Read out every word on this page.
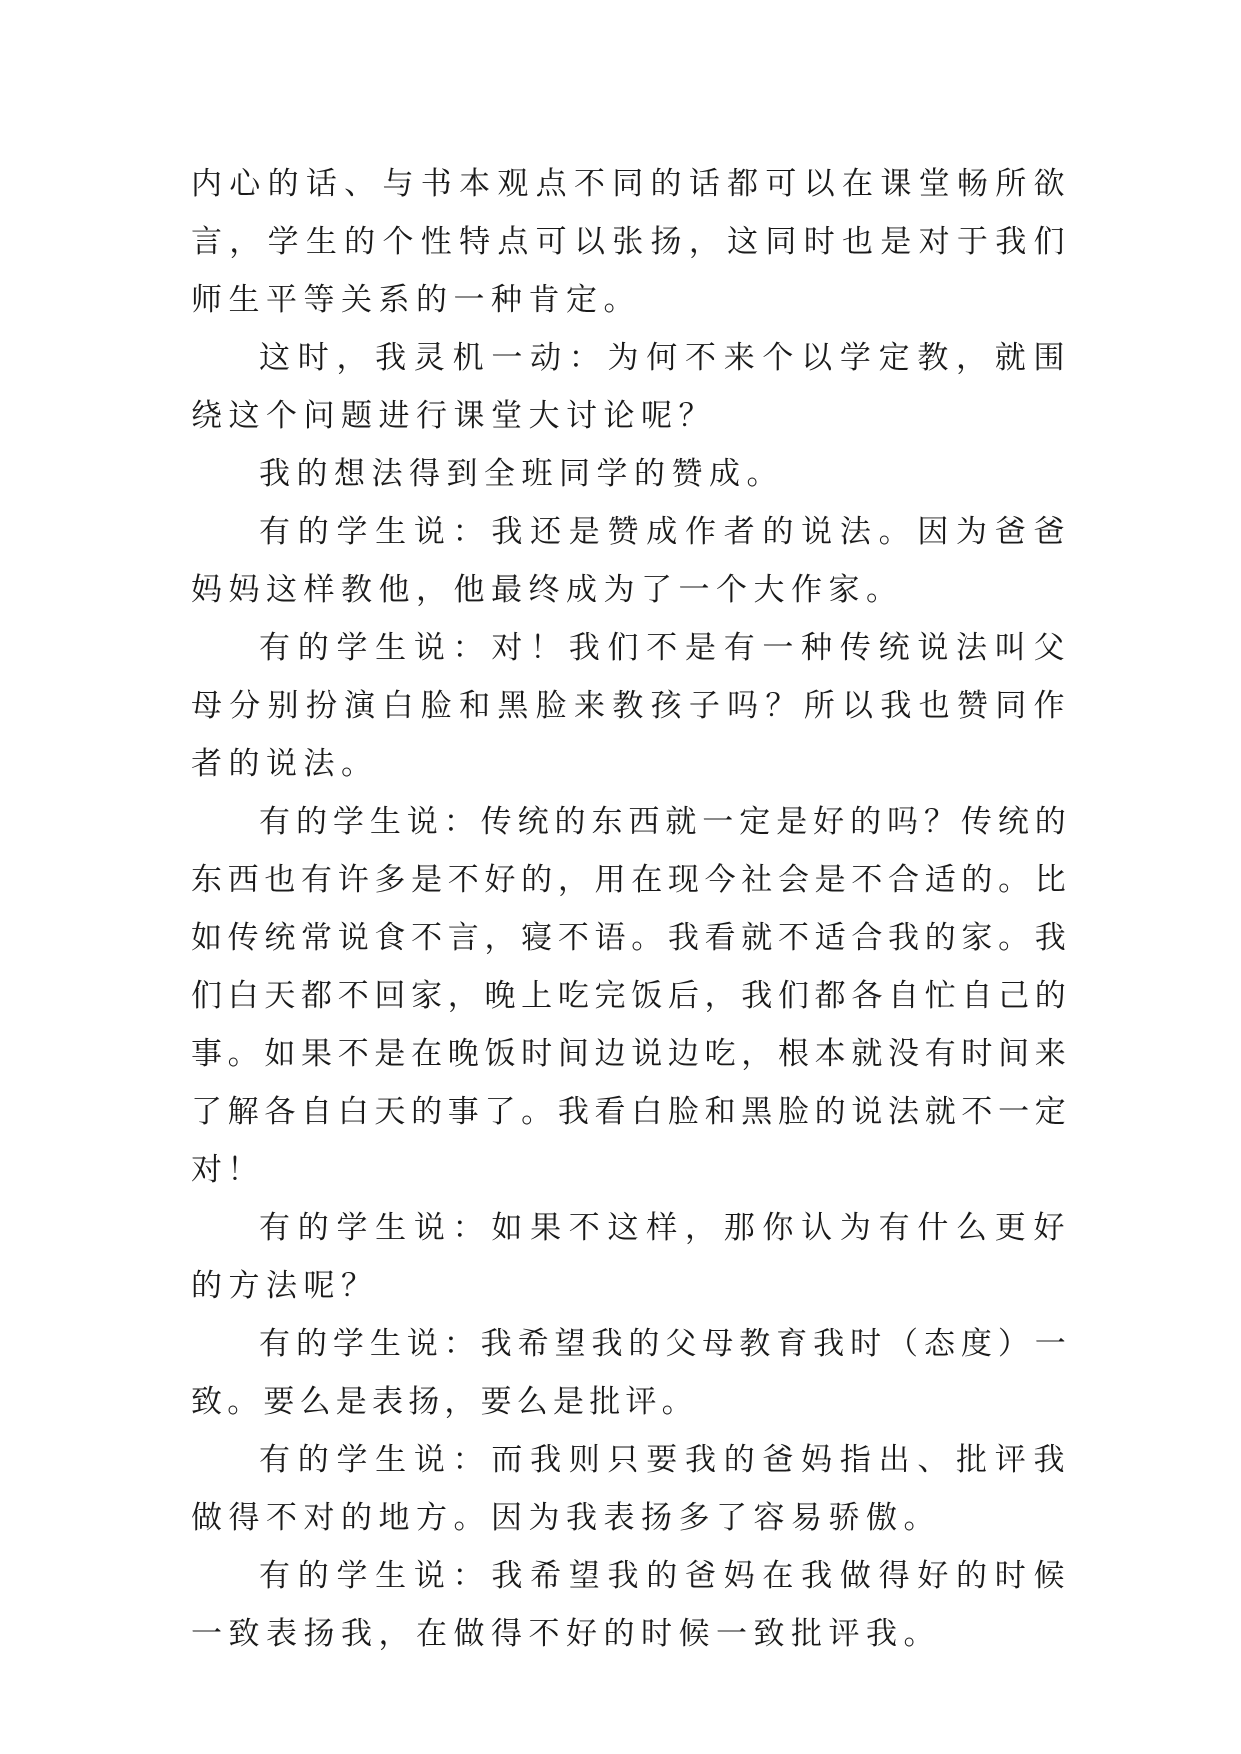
内心的话、与书本观点不同的话都可以在课堂畅所欲言，学生的个性特点可以张扬，这同时也是对于我们师生平等关系的一种肯定。

这时，我灵机一动：为何不来个以学定教，就围绕这个问题进行课堂大讨论呢？

我的想法得到全班同学的赞成。

有的学生说：我还是赞成作者的说法。因为爸爸妈妈这样教他，他最终成为了一个大作家。

有的学生说：对！我们不是有一种传统说法叫父母分别扮演白脸和黑脸来教孩子吗？所以我也赞同作者的说法。

有的学生说：传统的东西就一定是好的吗？传统的东西也有许多是不好的，用在现今社会是不合适的。比如传统常说食不言，寝不语。我看就不适合我的家。我们白天都不回家，晚上吃完饭后，我们都各自忙自己的事。如果不是在晚饭时间边说边吃，根本就没有时间来了解各自白天的事了。我看白脸和黑脸的说法就不一定对！

有的学生说：如果不这样，那你认为有什么更好的方法呢？

有的学生说：我希望我的父母教育我时（态度）一致。要么是表扬，要么是批评。

有的学生说：而我则只要我的爸妈指出、批评我做得不对的地方。因为我表扬多了容易骄傲。

有的学生说：我希望我的爸妈在我做得好的时候一致表扬我，在做得不好的时候一致批评我。
